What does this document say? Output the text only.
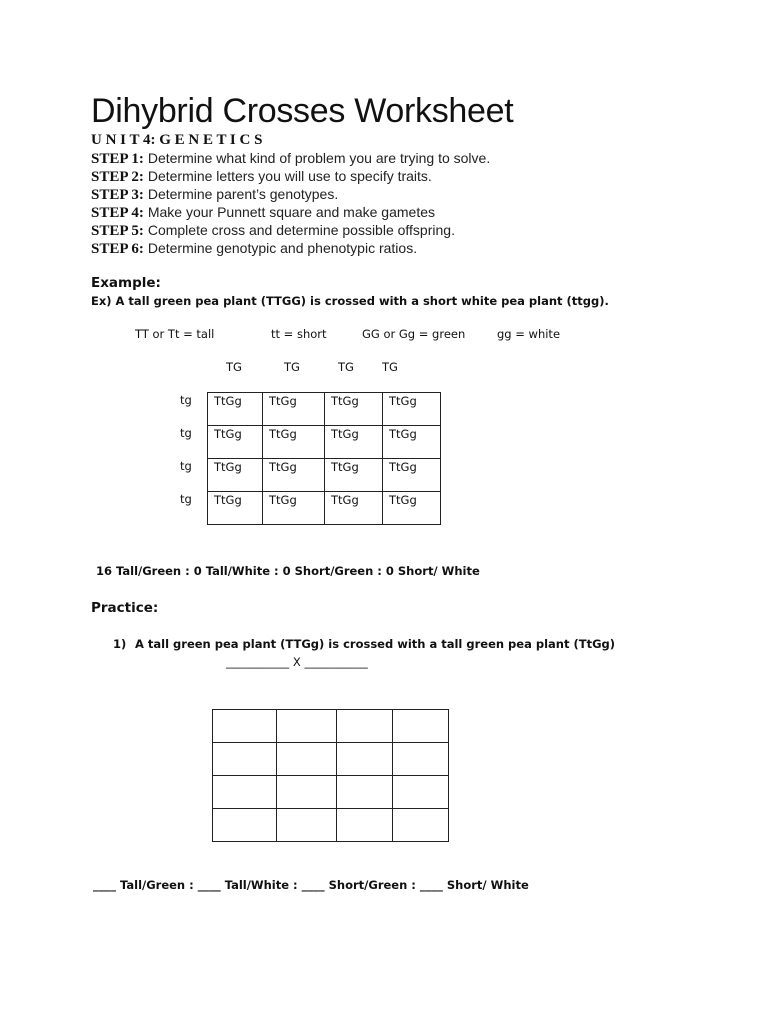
Dihybrid Crosses Worksheet
U N I T 4: G E N E T I C S
STEP 1: Determine what kind of problem you are trying to solve.
STEP 2: Determine letters you will use to specify traits.
STEP 3: Determine parent’s genotypes.
STEP 4: Make your Punnett square and make gametes
STEP 5: Complete cross and determine possible offspring.
STEP 6: Determine genotypic and phenotypic ratios.
Example:
Ex) A tall green pea plant (TTGG) is crossed with a short white pea plant (ttgg).
TT or Tt = tall	tt = short	GG or Gg = green	gg = white
TG	TG	TG TG
tg
tg
tg
tg
TtGg	TtGg	TtGg	TtGg
TtGg	TtGg	TtGg	TtGg
TtGg	TtGg	TtGg	TtGg
TtGg	TtGg	TtGg	TtGg
16 Tall/Green : 0 Tall/White : 0 Short/Green : 0 Short/ White
Practice:
1) A tall green pea plant (TTGg) is crossed with a tall green pea plant (TtGg)
___________ X ___________

____ Tall/Green : ____ Tall/White : ____ Short/Green : ____ Short/ White
